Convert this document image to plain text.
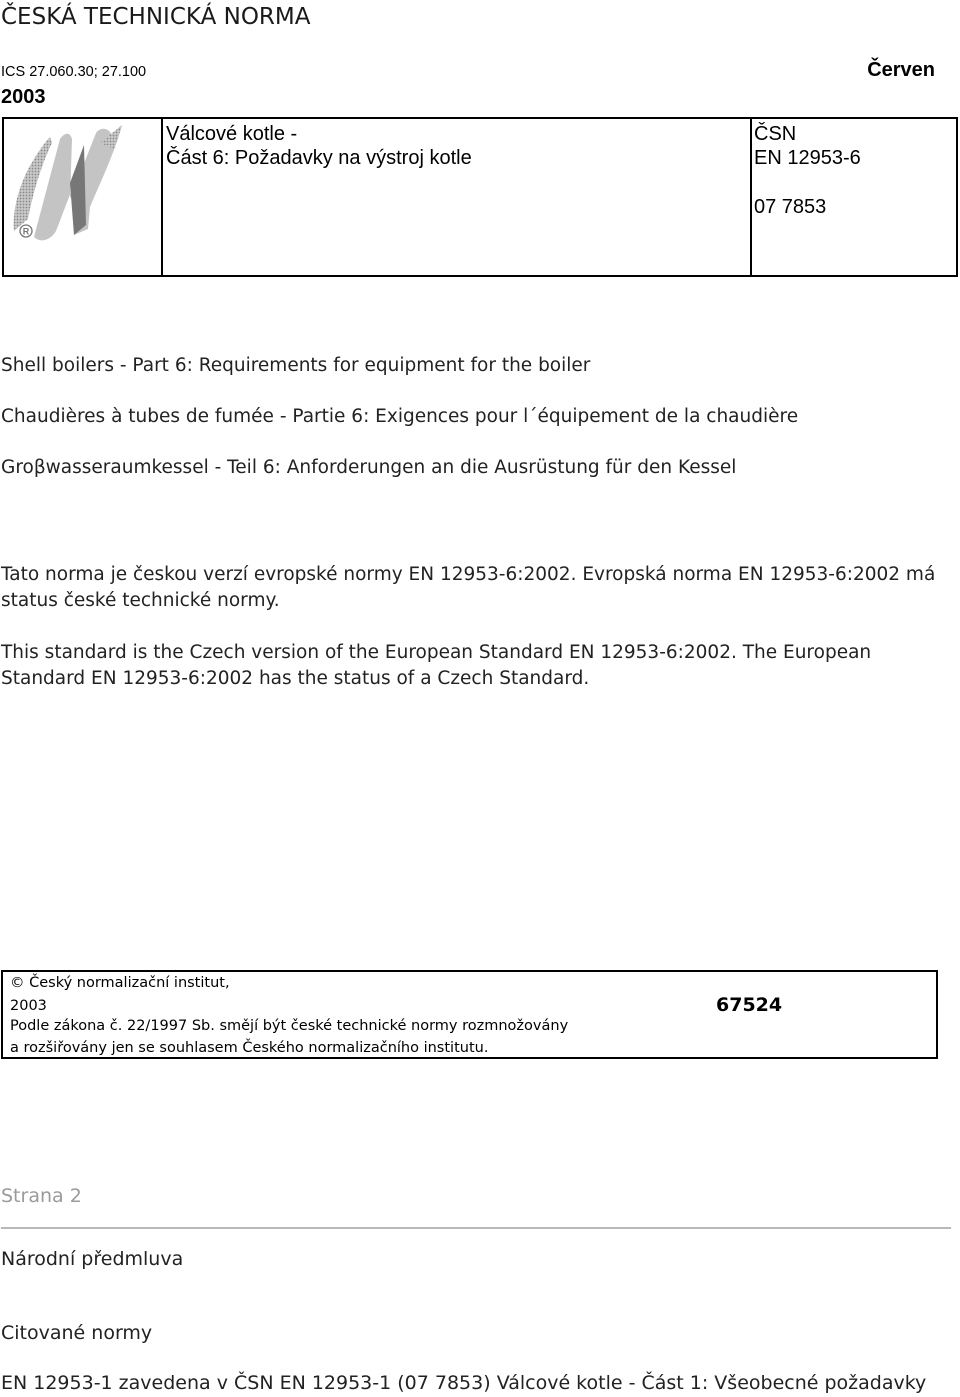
ČESKÁ TECHNICKÁ NORMA
ICS 27.060.30; 27.100	Červen
2003
R
Válcové kotle -
Část 6: Požadavky na výstroj kotle
ČSN
EN 12953-6
07 7853
Shell boilers - Part 6: Requirements for equipment for the boiler
Chaudières à tubes de fumée - Partie 6: Exigences pour l´équipement de la chaudière
Groβwasseraumkessel - Teil 6: Anforderungen an die Ausrüstung für den Kessel
Tato norma je českou verzí evropské normy EN 12953-6:2002. Evropská norma EN 12953-6:2002 má status české technické normy.
This standard is the Czech version of the European Standard EN 12953-6:2002. The European Standard EN 12953-6:2002 has the status of a Czech Standard.
© Český normalizační institut,
2003
Podle zákona č. 22/1997 Sb. smějí být české technické normy rozmnožovány
a rozšiřovány jen se souhlasem Českého normalizačního institutu.
67524
Strana 2
Národní předmluva
Citované normy
EN 12953-1 zavedena v ČSN EN 12953-1 (07 7853) Válcové kotle - Část 1: Všeobecné požadavky
